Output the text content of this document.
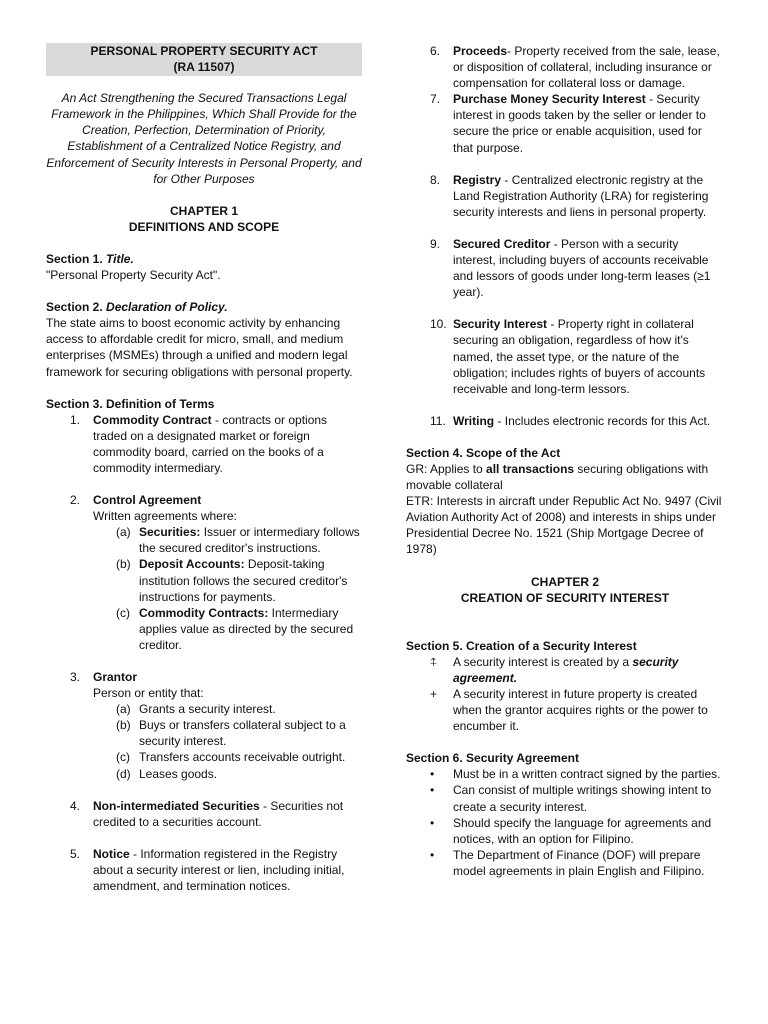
PERSONAL PROPERTY SECURITY ACT
(RA 11507)

An Act Strengthening the Secured Transactions Legal Framework in the Philippines, Which Shall Provide for the Creation, Perfection, Determination of Priority, Establishment of a Centralized Notice Registry, and Enforcement of Security Interests in Personal Property, and for Other Purposes

CHAPTER 1
DEFINITIONS AND SCOPE
Section 1. Title.

"Personal Property Security Act".

Section 2. Declaration of Policy.

The state aims to boost economic activity by enhancing access to affordable credit for micro, small, and medium enterprises (MSMEs) through a unified and modern legal framework for securing obligations with personal property.

Section 3. Definition of Terms
1. Commodity Contract - contracts or options traded on a designated market or foreign commodity board, carried on the books of a commodity intermediary.
2. Control Agreement
Written agreements where:
(a) Securities: Issuer or intermediary follows the secured creditor's instructions.
(b) Deposit Accounts: Deposit-taking institution follows the secured creditor's instructions for payments.
(c) Commodity Contracts: Intermediary applies value as directed by the secured creditor.
3. Grantor
Person or entity that:
(a) Grants a security interest.
(b) Buys or transfers collateral subject to a security interest.
(c) Transfers accounts receivable outright.
(d) Leases goods.
4. Non-intermediated Securities - Securities not credited to a securities account.
5. Notice - Information registered in the Registry about a security interest or lien, including initial, amendment, and termination notices.
6. Proceeds- Property received from the sale, lease, or disposition of collateral, including insurance or compensation for collateral loss or damage.
7. Purchase Money Security Interest - Security interest in goods taken by the seller or lender to secure the price or enable acquisition, used for that purpose.
8. Registry - Centralized electronic registry at the Land Registration Authority (LRA) for registering security interests and liens in personal property.
9. Secured Creditor - Person with a security interest, including buyers of accounts receivable and lessors of goods under long-term leases (≥1 year).
10. Security Interest - Property right in collateral securing an obligation, regardless of how it's named, the asset type, or the nature of the obligation; includes rights of buyers of accounts receivable and long-term lessors.
11. Writing - Includes electronic records for this Act.
Section 4. Scope of the Act
GR: Applies to all transactions securing obligations with movable collateral

ETR: Interests in aircraft under Republic Act No. 9497 (Civil Aviation Authority Act of 2008) and interests in ships under Presidential Decree No. 1521 (Ship Mortgage Decree of 1978)

CHAPTER 2
CREATION OF SECURITY INTEREST
Section 5. Creation of a Security Interest
⍏ A security interest is created by a security agreement.
+ A security interest in future property is created when the grantor acquires rights or the power to encumber it.
Section 6. Security Agreement
• Must be in a written contract signed by the parties.
• Can consist of multiple writings showing intent to create a security interest.
• Should specify the language for agreements and notices, with an option for Filipino.
• The Department of Finance (DOF) will prepare model agreements in plain English and Filipino.
